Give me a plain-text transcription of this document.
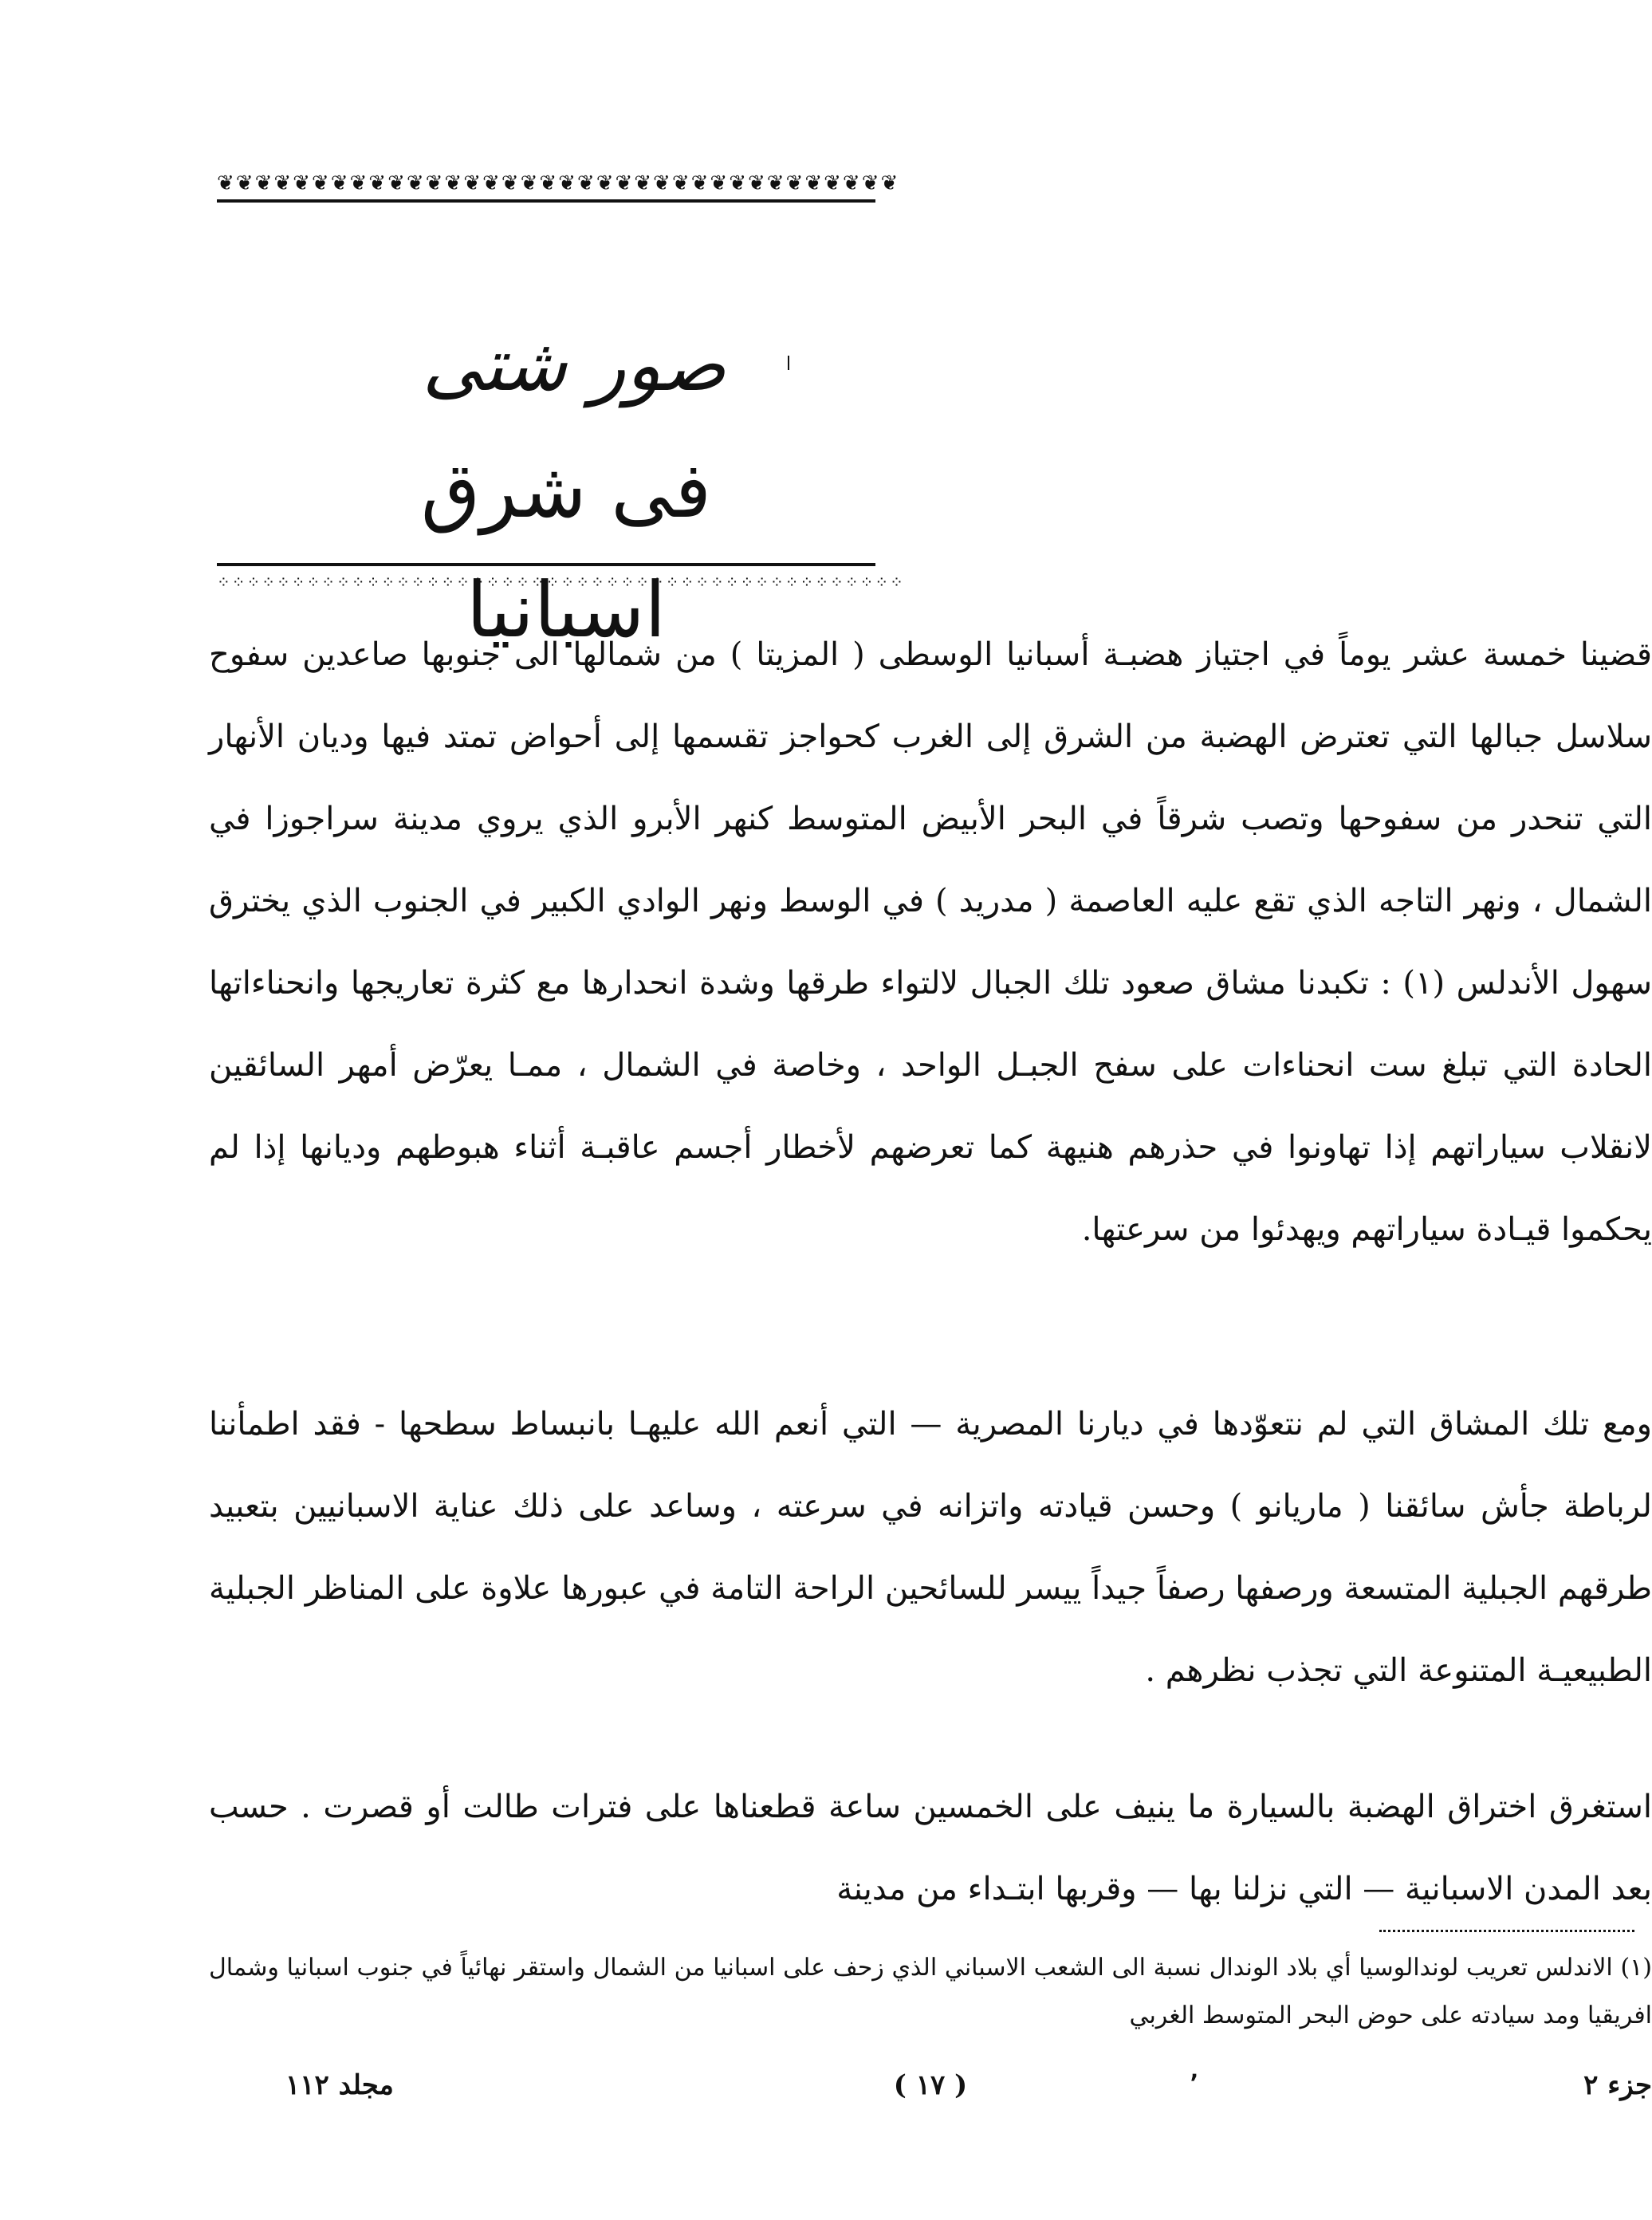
❦❦❦❦❦❦❦❦❦❦❦❦❦❦❦❦❦❦❦❦❦❦❦❦❦❦❦❦❦❦❦❦❦❦❦❦
صور شتى
فى شرق اسبانيا
⁘⁘⁘⁘⁘⁘⁘⁘⁘⁘⁘⁘⁘⁘⁘⁘⁘⁘⁘⁘⁘⁘⁘⁘⁘⁘⁘⁘⁘⁘⁘⁘⁘⁘⁘⁘⁘⁘⁘⁘⁘⁘⁘⁘⁘⁘
قضينا خمسة عشر يوماً في اجتياز هضبـة أسبانيا الوسطى ( المزيتا ) من شمالها الى جنوبها صاعدين سفوح سلاسل جبالها التي تعترض الهضبة من الشرق إلى الغرب كحواجز تقسمها إلى أحواض تمتد فيها وديان الأنهار التي تنحدر من سفوحها وتصب شرقاً في البحر الأبيض المتوسط كنهر الأبرو الذي يروي مدينة سراجوزا في الشمال ، ونهر التاجه الذي تقع عليه العاصمة ( مدريد ) في الوسط ونهر الوادي الكبير في الجنوب الذي يخترق سهول الأندلس (١) : تكبدنا مشاق صعود تلك الجبال لالتواء طرقها وشدة انحدارها مع كثرة تعاريجها وانحناءاتها الحادة التي تبلغ ست انحناءات على سفح الجبـل الواحد ، وخاصة في الشمال ، ممـا يعرّض أمهر السائقين لانقلاب سياراتهم إذا تهاونوا في حذرهم هنيهة كما تعرضهم لأخطار أجسم عاقبـة أثناء هبوطهم وديانها إذا لم يحكموا قيـادة سياراتهم ويهدئوا من سرعتها.
ومع تلك المشاق التي لم نتعوّدها في ديارنا المصرية — التي أنعم الله عليهـا بانبساط سطحها - فقد اطمأننا لرباطة جأش سائقنا ( ماريانو ) وحسن قيادته واتزانه في سرعته ، وساعد على ذلك عناية الاسبانيين بتعبيد طرقهم الجبلية المتسعة ورصفها رصفاً جيداً ييسر للسائحين الراحة التامة في عبورها علاوة على المناظر الجبلية الطبيعيـة المتنوعة التي تجذب نظرهم .
استغرق اختراق الهضبة بالسيارة ما ينيف على الخمسين ساعة قطعناها على فترات طالت أو قصرت . حسب بعد المدن الاسبانية — التي نزلنا بها — وقربها ابتـداء من مدينة
(١) الاندلس تعريب لوندالوسيا أي بلاد الوندال نسبة الى الشعب الاسباني الذي زحف على اسبانيا من الشمال واستقر نهائياً في جنوب اسبانيا وشمال افريقيا ومد سيادته على حوض البحر المتوسط الغربي
جزء ٢
٬
( ١٧ )
مجلد ١١٢
